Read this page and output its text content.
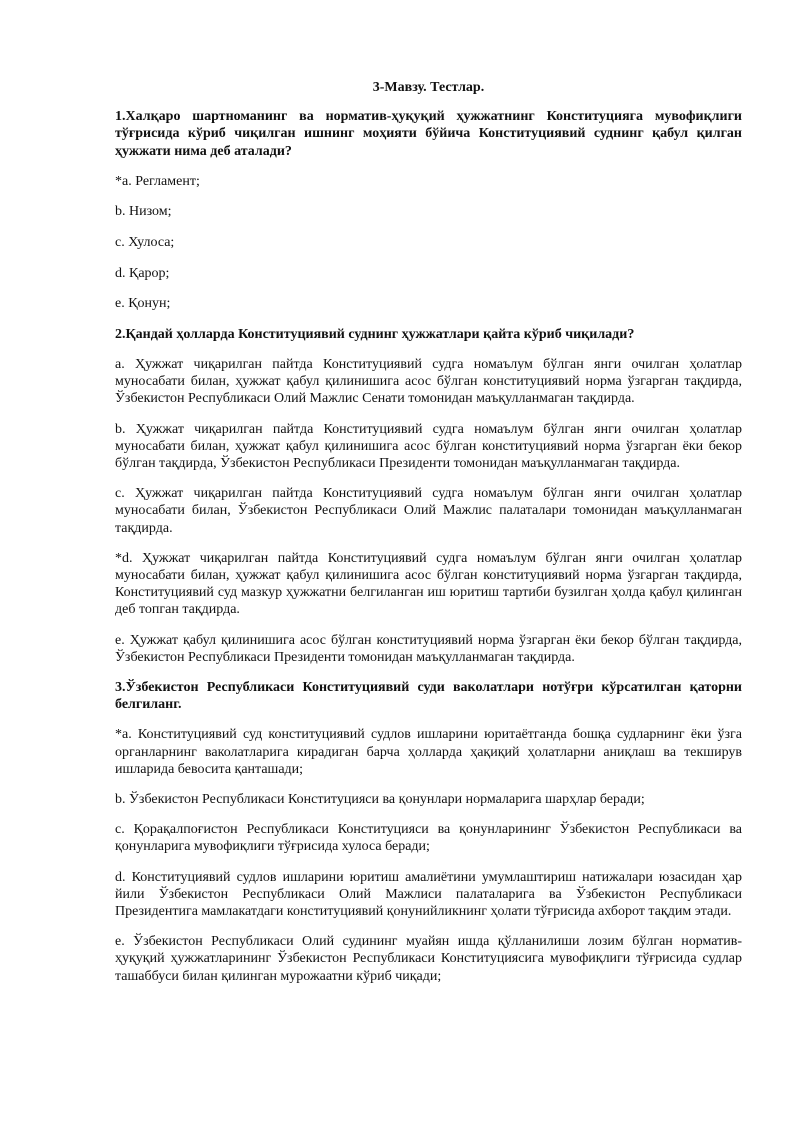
3-Мавзу. Тестлар.
1.Халқаро шартноманинг ва норматив-ҳуқуқий ҳужжатнинг Конституцияга мувофиқлиги тўғрисида кўриб чиқилган ишнинг моҳияти бўйича Конституциявий суднинг қабул қилган ҳужжати нима деб аталади?
*a. Регламент;
b. Низом;
c. Хулоса;
d. Қарор;
e. Қонун;
2.Қандай ҳолларда Конституциявий суднинг ҳужжатлари қайта кўриб чиқилади?
a. Ҳужжат чиқарилган пайтда Конституциявий судга номаълум бўлган янги очилган ҳолатлар муносабати билан, ҳужжат қабул қилинишига асос бўлган конституциявий норма ўзгарган тақдирда, Ўзбекистон Республикаси Олий Мажлис Сенати томонидан маъқулланмаган тақдирда.
b. Ҳужжат чиқарилган пайтда Конституциявий судга номаълум бўлган янги очилган ҳолатлар муносабати билан, ҳужжат қабул қилинишига асос бўлган конституциявий норма ўзгарган ёки бекор бўлган тақдирда, Ўзбекистон Республикаси Президенти томонидан маъқулланмаган тақдирда.
c. Ҳужжат чиқарилган пайтда Конституциявий судга номаълум бўлган янги очилган ҳолатлар муносабати билан, Ўзбекистон Республикаси Олий Мажлис палаталари томонидан маъқулланмаган тақдирда.
*d. Ҳужжат чиқарилган пайтда Конституциявий судга номаълум бўлган янги очилган ҳолатлар муносабати билан, ҳужжат қабул қилинишига асос бўлган конституциявий норма ўзгарган тақдирда, Конституциявий суд мазкур ҳужжатни белгиланган иш юритиш тартиби бузилган ҳолда қабул қилинган деб топган тақдирда.
e. Ҳужжат қабул қилинишига асос бўлган конституциявий норма ўзгарган ёки бекор бўлган тақдирда, Ўзбекистон Республикаси Президенти томонидан маъқулланмаган тақдирда.
3.Ўзбекистон Республикаси Конституциявий суди ваколатлари нотўғри кўрсатилган қаторни белгиланг.
*a. Конституциявий суд конституциявий судлов ишларини юритаётганда бошқа судларнинг ёки ўзга органларнинг ваколатларига кирадиган барча ҳолларда ҳақиқий ҳолатларни аниқлаш ва текширув ишларида бевосита қанташади;
b. Ўзбекистон Республикаси Конституцияси ва қонунлари нормаларига шарҳлар беради;
c. Қорақалпоғистон Республикаси Конституцияси ва қонунларининг Ўзбекистон Республикаси ва қонунларига мувофиқлиги тўғрисида хулоса беради;
d. Конституциявий судлов ишларини юритиш амалиётини умумлаштириш натижалари юзасидан ҳар йили Ўзбекистон Республикаси Олий Мажлиси палаталарига ва Ўзбекистон Республикаси Президентига мамлакатдаги конституциявий қонунийликнинг ҳолати тўғрисида ахборот тақдим этади.
e. Ўзбекистон Республикаси Олий судининг муайян ишда қўлланилиши лозим бўлган норматив-ҳуқуқий ҳужжатларининг Ўзбекистон Республикаси Конституциясига мувофиқлиги тўғрисида судлар ташаббуси билан қилинган мурожаатни кўриб чиқади;
